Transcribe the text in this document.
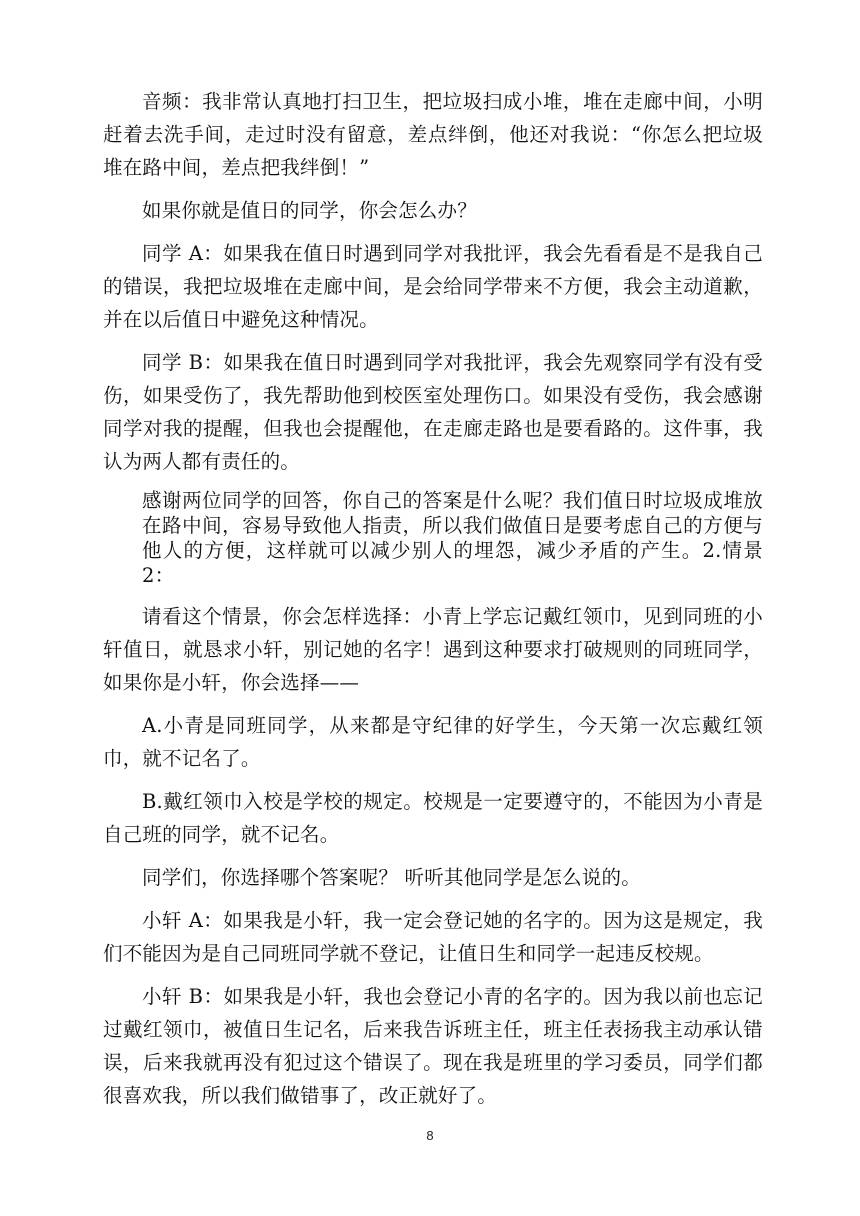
音频：我非常认真地打扫卫生，把垃圾扫成小堆，堆在走廊中间，小明赶着去洗手间，走过时没有留意，差点绊倒，他还对我说：“你怎么把垃圾堆在路中间，差点把我绊倒！”

如果你就是值日的同学，你会怎么办？

同学 A：如果我在值日时遇到同学对我批评，我会先看看是不是我自己的错误，我把垃圾堆在走廊中间，是会给同学带来不方便，我会主动道歉，并在以后值日中避免这种情况。

同学 B：如果我在值日时遇到同学对我批评，我会先观察同学有没有受伤，如果受伤了，我先帮助他到校医室处理伤口。如果没有受伤，我会感谢同学对我的提醒，但我也会提醒他，在走廊走路也是要看路的。这件事，我认为两人都有责任的。

感谢两位同学的回答，你自己的答案是什么呢？我们值日时垃圾成堆放在路中间，容易导致他人指责，所以我们做值日是要考虑自己的方便与 他人的方便，这样就可以减少别人的埋怨，减少矛盾的产生。2.情景 2：

请看这个情景，你会怎样选择：小青上学忘记戴红领巾，见到同班的小轩值日，就恳求小轩，别记她的名字！遇到这种要求打破规则的同班同学，如果你是小轩，你会选择——

A.小青是同班同学，从来都是守纪律的好学生，今天第一次忘戴红领巾，就不记名了。

B.戴红领巾入校是学校的规定。校规是一定要遵守的，不能因为小青是自己班的同学，就不记名。

同学们，你选择哪个答案呢？ 听听其他同学是怎么说的。

小轩 A：如果我是小轩，我一定会登记她的名字的。因为这是规定，我们不能因为是自己同班同学就不登记，让值日生和同学一起违反校规。

小轩 B：如果我是小轩，我也会登记小青的名字的。因为我以前也忘记过戴红领巾，被值日生记名，后来我告诉班主任，班主任表扬我主动承认错误，后来我就再没有犯过这个错误了。现在我是班里的学习委员，同学们都很喜欢我，所以我们做错事了，改正就好了。

8
